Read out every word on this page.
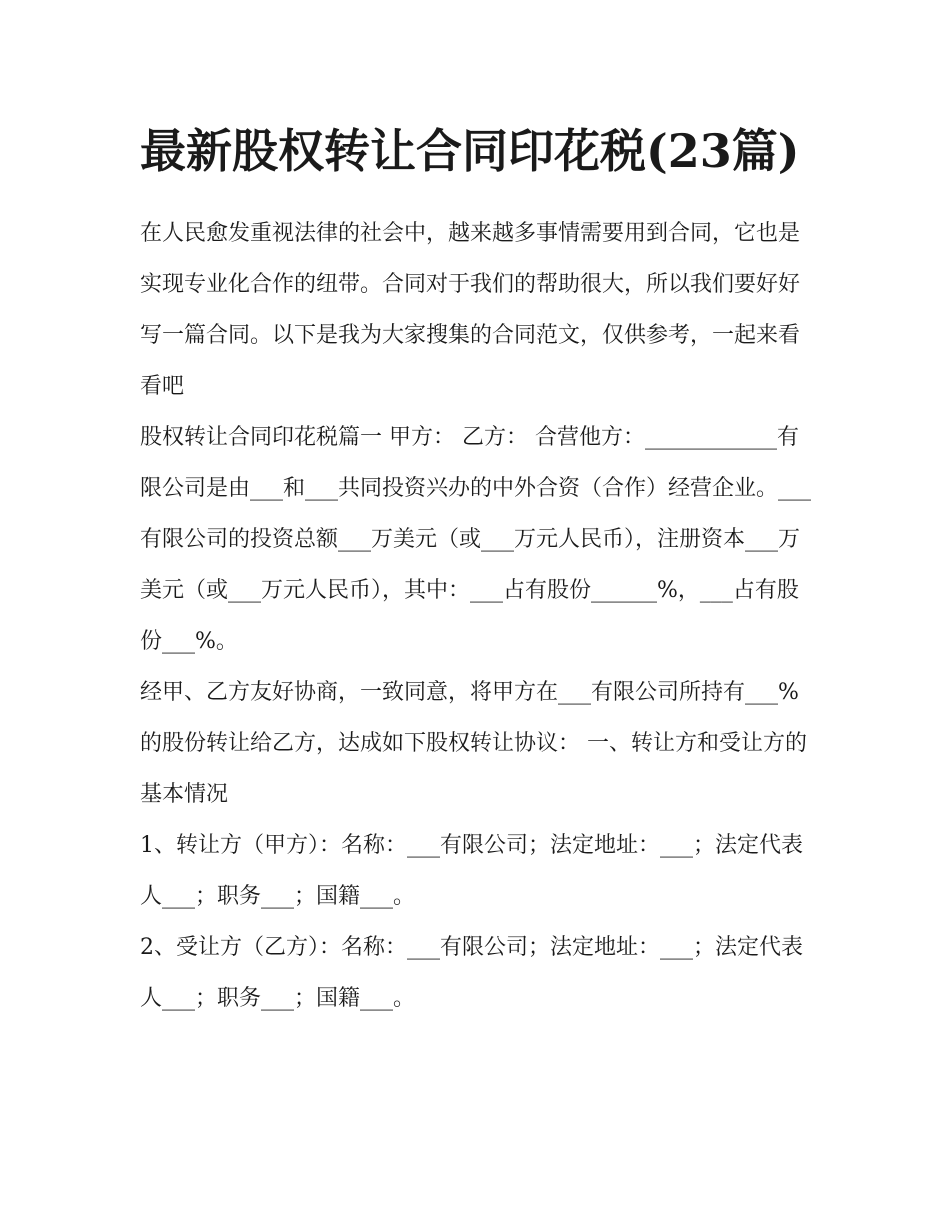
最新股权转让合同印花税(23篇)

在人民愈发重视法律的社会中，越来越多事情需要用到合同，它也是实现专业化合作的纽带。合同对于我们的帮助很大，所以我们要好好写一篇合同。以下是我为大家搜集的合同范文，仅供参考，一起来看看吧

股权转让合同印花税篇一 甲方： 乙方： 合营他方：____________有限公司是由___和___共同投资兴办的中外合资（合作）经营企业。___有限公司的投资总额___万美元（或___万元人民币），注册资本___万美元（或___万元人民币），其中：___占有股份______%，___占有股份___%。

经甲、乙方友好协商，一致同意，将甲方在___有限公司所持有___%的股份转让给乙方，达成如下股权转让协议： 一、转让方和受让方的基本情况

1、转让方（甲方）：名称：___有限公司；法定地址：___；法定代表人___；职务___；国籍___。

2、受让方（乙方）：名称：___有限公司；法定地址：___；法定代表人___；职务___；国籍___。
